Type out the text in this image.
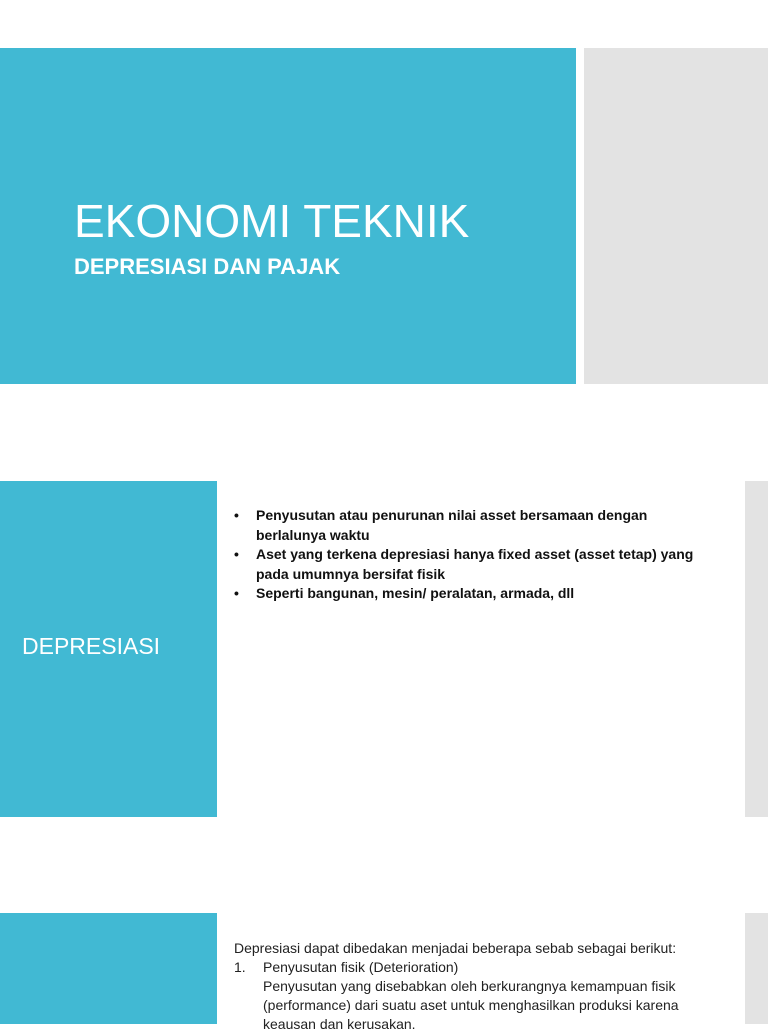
EKONOMI TEKNIK
DEPRESIASI DAN PAJAK
DEPRESIASI
• Penyusutan atau penurunan nilai asset bersamaan dengan berlalunya waktu
• Aset yang terkena depresiasi hanya fixed asset (asset tetap) yang pada umumnya bersifat fisik
• Seperti bangunan, mesin/ peralatan, armada, dll

Depresiasi dapat dibedakan menjadai beberapa sebab sebagai berikut:

1. Penyusutan fisik (Deterioration)

Penyusutan yang disebabkan oleh berkurangnya kemampuan fisik (performance) dari suatu aset untuk menghasilkan produksi karena keausan dan kerusakan.
